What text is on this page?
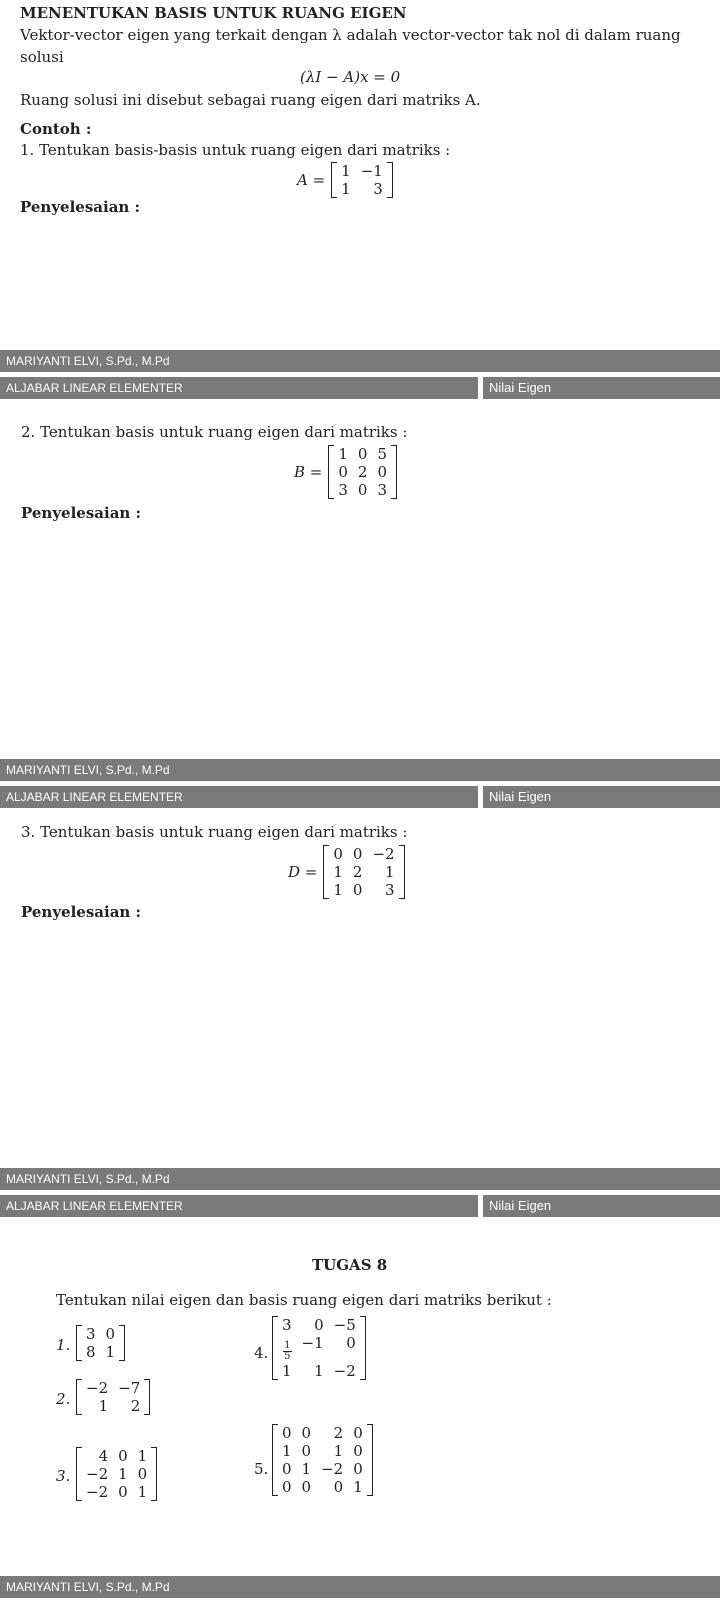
MENENTUKAN BASIS UNTUK RUANG EIGEN
Vektor-vector eigen yang terkait dengan λ adalah vector-vector tak nol di dalam ruang
solusi
(λI − A)x = 0
Ruang solusi ini disebut sebagai ruang eigen dari matriks A.
Contoh :
1. Tentukan basis-basis untuk ruang eigen dari matriks :
A =	1 −1
1	3
Penyelesaian :
MARIYANTI ELVI, S.Pd., M.Pd
ALJABAR LINEAR ELEMENTER	Nilai Eigen
2. Tentukan basis untuk ruang eigen dari matriks :
B =
1 0 5
0 2 0
3 0 3
Penyelesaian :
MARIYANTI ELVI, S.Pd., M.Pd
ALJABAR LINEAR ELEMENTER	Nilai Eigen
3. Tentukan basis untuk ruang eigen dari matriks :
D =
0 0 −2
1 2	1
1 0	3
Penyelesaian :
MARIYANTI ELVI, S.Pd., M.Pd
ALJABAR LINEAR ELEMENTER	Nilai Eigen
TUGAS 8
Tentukan nilai eigen dan basis ruang eigen dari matriks berikut :
1.
3 0
8 1
2.
−2 −7
1	2
3.
4 0 1
−2 1 0
−2 0 1
4.
3	0 −5
$\frac{1}{5} -1$	0
1	1 −2
5.
0 0	2 0
1 0	1 0
0 1 −2 0
0 0	0 1
MARIYANTI ELVI, S.Pd., M.Pd
